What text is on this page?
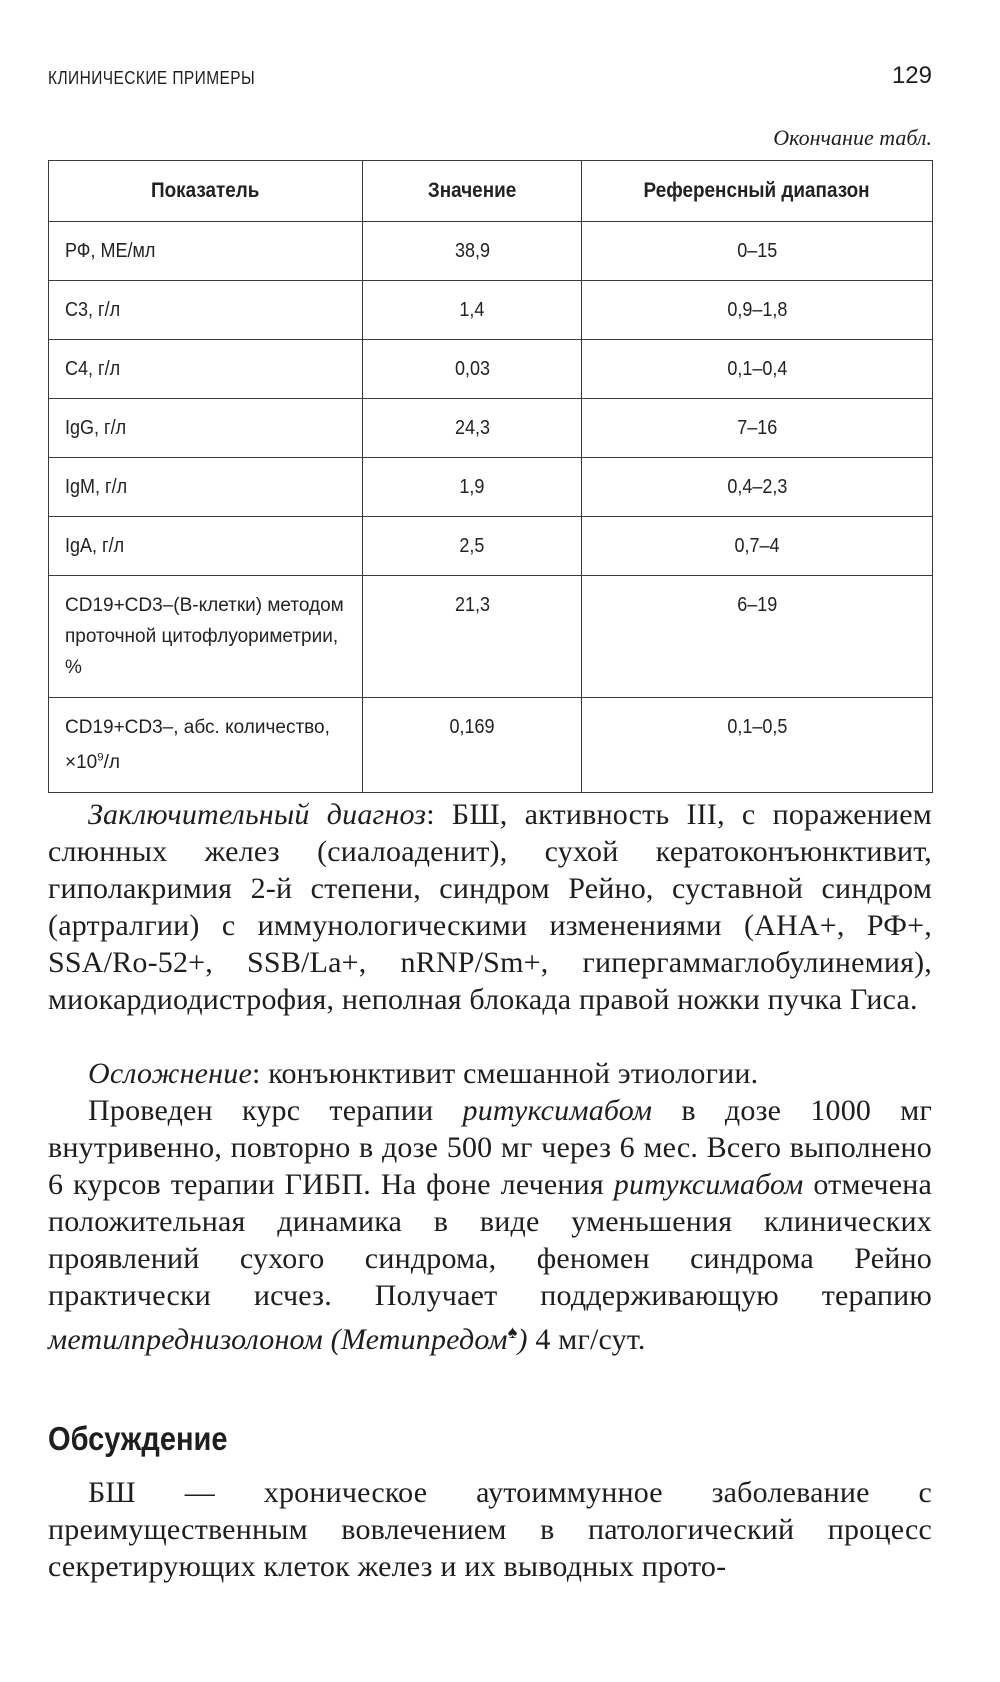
КЛИНИЧЕСКИЕ ПРИМЕРЫ	129
Окончание табл.
Показатель	Значение	Референсный диапазон
РФ, МЕ/мл	38,9	0–15
C3, г/л	1,4	0,9–1,8
C4, г/л	0,03	0,1–0,4
IgG, г/л	24,3	7–16
IgM, г/л	1,9	0,4–2,3
IgA, г/л	2,5	0,7–4
CD19+CD3–(B-клетки) методом проточной цитофлуориметрии, %	21,3	6–19
CD19+CD3–, абс. количество, $\times 10^9/л$	0,169	0,1–0,5

Заключительный диагноз: БШ, активность III, с поражением слюнных желез (сиалоаденит), сухой кератоконъюнктивит, гиполакримия 2-й степени, синдром Рейно, суставной синдром (артралгии) с иммунологическими изменениями (АНА+, РФ+, SSA/Ro-52+, SSB/La+, nRNP/Sm+, гипергаммаглобулинемия), миокардиодистрофия, неполная блокада правой ножки пучка Гиса.

Осложнение: конъюнктивит смешанной этиологии.

Проведен курс терапии ритуксимабом в дозе 1000 мг внутривенно, повторно в дозе 500 мг через 6 мес. Всего выполнено 6 курсов терапии ГИБП. На фоне лечения ритуксимабом отмечена положительная динамика в виде уменьшения клинических проявлений сухого синдрома, феномен синдрома Рейно практически исчез. Получает поддерживающую терапию метилпреднизолоном (Метипредом♠) 4 мг/сут.

Обсуждение

БШ — хроническое аутоиммунное заболевание с преимущественным вовлечением в патологический процесс секретирующих клеток желез и их выводных прото-
